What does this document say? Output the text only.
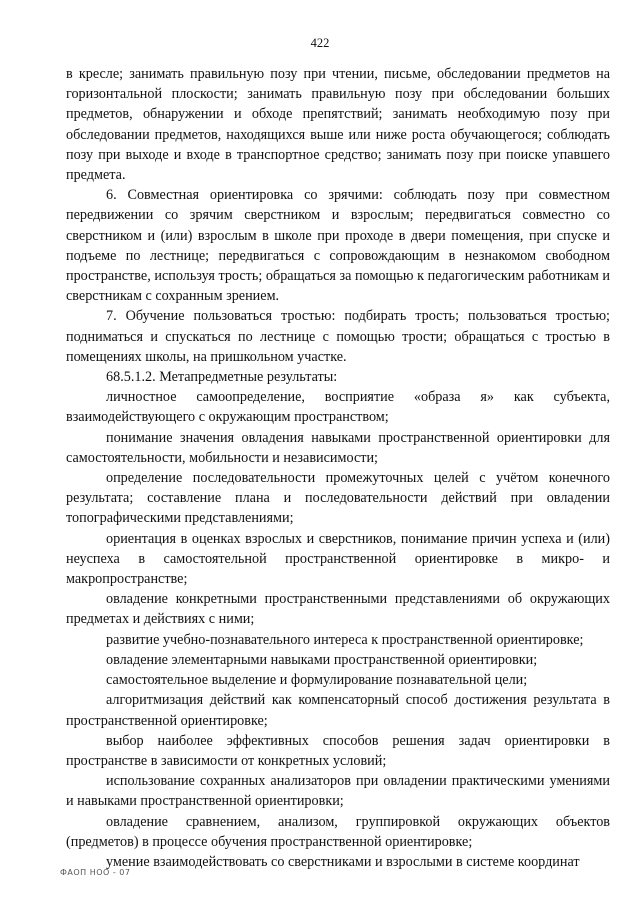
422

в кресле; занимать правильную позу при чтении, письме, обследовании предметов на горизонтальной плоскости; занимать правильную позу при обследовании больших предметов, обнаружении и обходе препятствий; занимать необходимую позу при обследовании предметов, находящихся выше или ниже роста обучающегося; соблюдать позу при выходе и входе в транспортное средство; занимать позу при поиске упавшего предмета.

6. Совместная ориентировка со зрячими: соблюдать позу при совместном передвижении со зрячим сверстником и взрослым; передвигаться совместно со сверстником и (или) взрослым в школе при проходе в двери помещения, при спуске и подъеме по лестнице; передвигаться с сопровождающим в незнакомом свободном пространстве, используя трость; обращаться за помощью к педагогическим работникам и сверстникам с сохранным зрением.

7. Обучение пользоваться тростью: подбирать трость; пользоваться тростью; подниматься и спускаться по лестнице с помощью трости; обращаться с тростью в помещениях школы, на пришкольном участке.

68.5.1.2. Метапредметные результаты:

личностное самоопределение, восприятие «образа я» как субъекта, взаимодействующего с окружающим пространством;

понимание значения овладения навыками пространственной ориентировки для самостоятельности, мобильности и независимости;

определение последовательности промежуточных целей с учётом конечного результата; составление плана и последовательности действий при овладении топографическими представлениями;

ориентация в оценках взрослых и сверстников, понимание причин успеха и (или) неуспеха в самостоятельной пространственной ориентировке в микро- и макропространстве;

овладение конкретными пространственными представлениями об окружающих предметах и действиях с ними;

развитие учебно-познавательного интереса к пространственной ориентировке;

овладение элементарными навыками пространственной ориентировки;

самостоятельное выделение и формулирование познавательной цели;

алгоритмизация действий как компенсаторный способ достижения результата в пространственной ориентировке;

выбор наиболее эффективных способов решения задач ориентировки в пространстве в зависимости от конкретных условий;

использование сохранных анализаторов при овладении практическими умениями и навыками пространственной ориентировки;

овладение сравнением, анализом, группировкой окружающих объектов (предметов) в процессе обучения пространственной ориентировке;

умение взаимодействовать со сверстниками и взрослыми в системе координат

ФАОП НОО - 07
